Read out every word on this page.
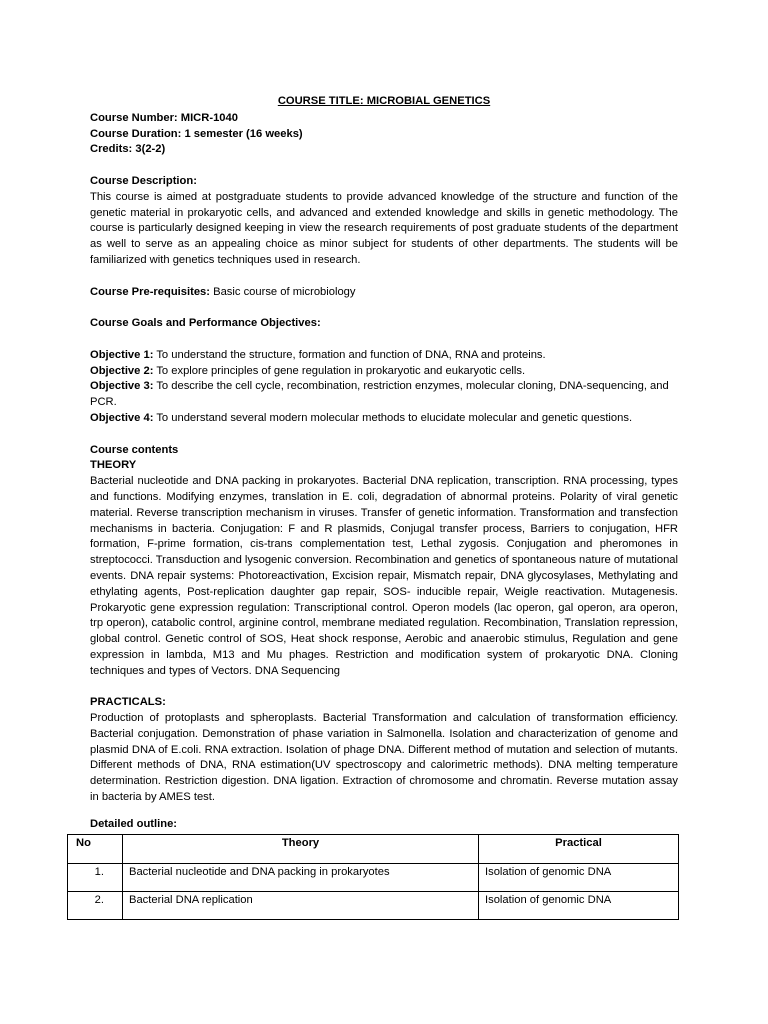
COURSE TITLE: MICROBIAL GENETICS
Course Number: MICR-1040
Course Duration: 1 semester (16 weeks)
Credits: 3(2-2)
Course Description:
This course is aimed at postgraduate students to provide advanced knowledge of the structure and function of the genetic material in prokaryotic cells, and advanced and extended knowledge and skills in genetic methodology. The course is particularly designed keeping in view the research requirements of post graduate students of the department as well to serve as an appealing choice as minor subject for students of other departments. The students will be familiarized with genetics techniques used in research.
Course Pre-requisites: Basic course of microbiology
Course Goals and Performance Objectives:
Objective 1: To understand the structure, formation and function of DNA, RNA and proteins.
Objective 2: To explore principles of gene regulation in prokaryotic and eukaryotic cells.
Objective 3: To describe the cell cycle, recombination, restriction enzymes, molecular cloning, DNA-sequencing, and PCR.
Objective 4: To understand several modern molecular methods to elucidate molecular and genetic questions.
Course contents
THEORY
Bacterial nucleotide and DNA packing in prokaryotes. Bacterial DNA replication, transcription. RNA processing, types and functions. Modifying enzymes, translation in E. coli, degradation of abnormal proteins. Polarity of viral genetic material. Reverse transcription mechanism in viruses. Transfer of genetic information. Transformation and transfection mechanisms in bacteria. Conjugation: F and R plasmids, Conjugal transfer process, Barriers to conjugation, HFR formation, F-prime formation, cis-trans complementation test, Lethal zygosis. Conjugation and pheromones in streptococci. Transduction and lysogenic conversion. Recombination and genetics of spontaneous nature of mutational events. DNA repair systems: Photoreactivation, Excision repair, Mismatch repair, DNA glycosylases, Methylating and ethylating agents, Post-replication daughter gap repair, SOS- inducible repair, Weigle reactivation. Mutagenesis. Prokaryotic gene expression regulation: Transcriptional control. Operon models (lac operon, gal operon, ara operon, trp operon), catabolic control, arginine control, membrane mediated regulation. Recombination, Translation repression, global control. Genetic control of SOS, Heat shock response, Aerobic and anaerobic stimulus, Regulation and gene expression in lambda, M13 and Mu phages. Restriction and modification system of prokaryotic DNA. Cloning techniques and types of Vectors. DNA Sequencing
PRACTICALS:
Production of protoplasts and spheroplasts. Bacterial Transformation and calculation of transformation efficiency. Bacterial conjugation. Demonstration of phase variation in Salmonella. Isolation and characterization of genome and plasmid DNA of E.coli. RNA extraction. Isolation of phage DNA. Different method of mutation and selection of mutants. Different methods of DNA, RNA estimation(UV spectroscopy and calorimetric methods). DNA melting temperature determination. Restriction digestion. DNA ligation. Extraction of chromosome and chromatin. Reverse mutation assay in bacteria by AMES test.
Detailed outline:
No	Theory	Practical
1.	Bacterial nucleotide and DNA packing in prokaryotes	Isolation of genomic DNA
2.	Bacterial DNA replication	Isolation of genomic DNA
